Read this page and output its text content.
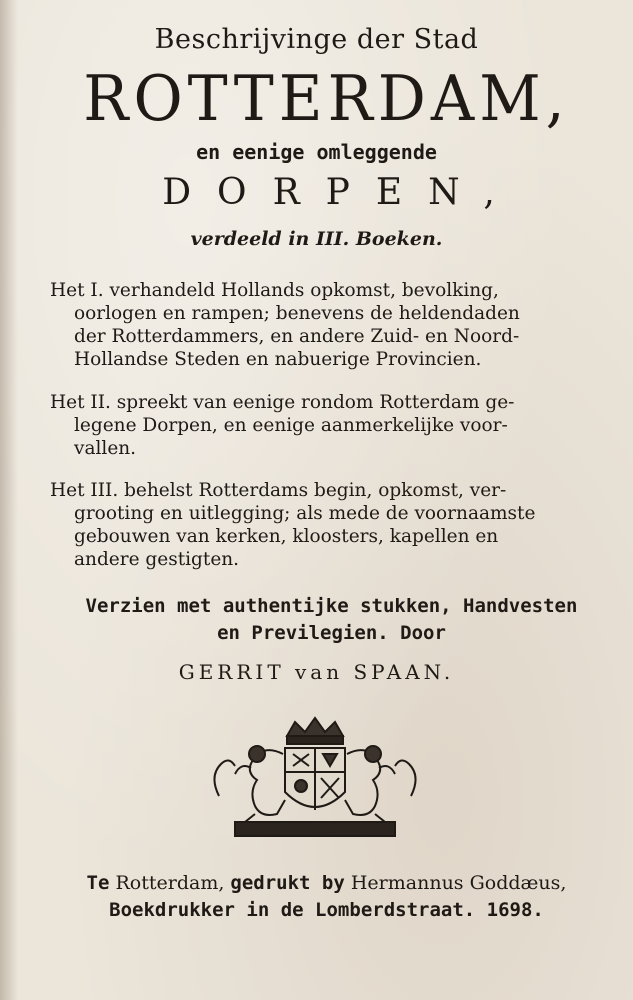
Beschrijvinge der Stad
ROTTERDAM,
en eenige omleggende
DORPEN,
verdeeld in III. Boeken.
Het I. verhandeld Hollands opkomst, bevolking,
oorlogen en rampen; benevens de heldendaden
der Rotterdammers, en andere Zuid- en Noord-
Hollandse Steden en nabuerige Provincien.
Het II. spreekt van eenige rondom Rotterdam ge-
legene Dorpen, en eenige aanmerkelijke voor-
vallen.
Het III. behelst Rotterdams begin, opkomst, ver-
grooting en uitlegging; als mede de voornaamste
gebouwen van kerken, kloosters, kapellen en
andere gestigten.
Verzien met authentijke stukken, Handvesten
en Previlegien. Door
GERRIT van SPAAN.
Te Rotterdam, gedrukt by Hermannus Goddæus,
Boekdrukker in de Lomberdstraat. 1698.
